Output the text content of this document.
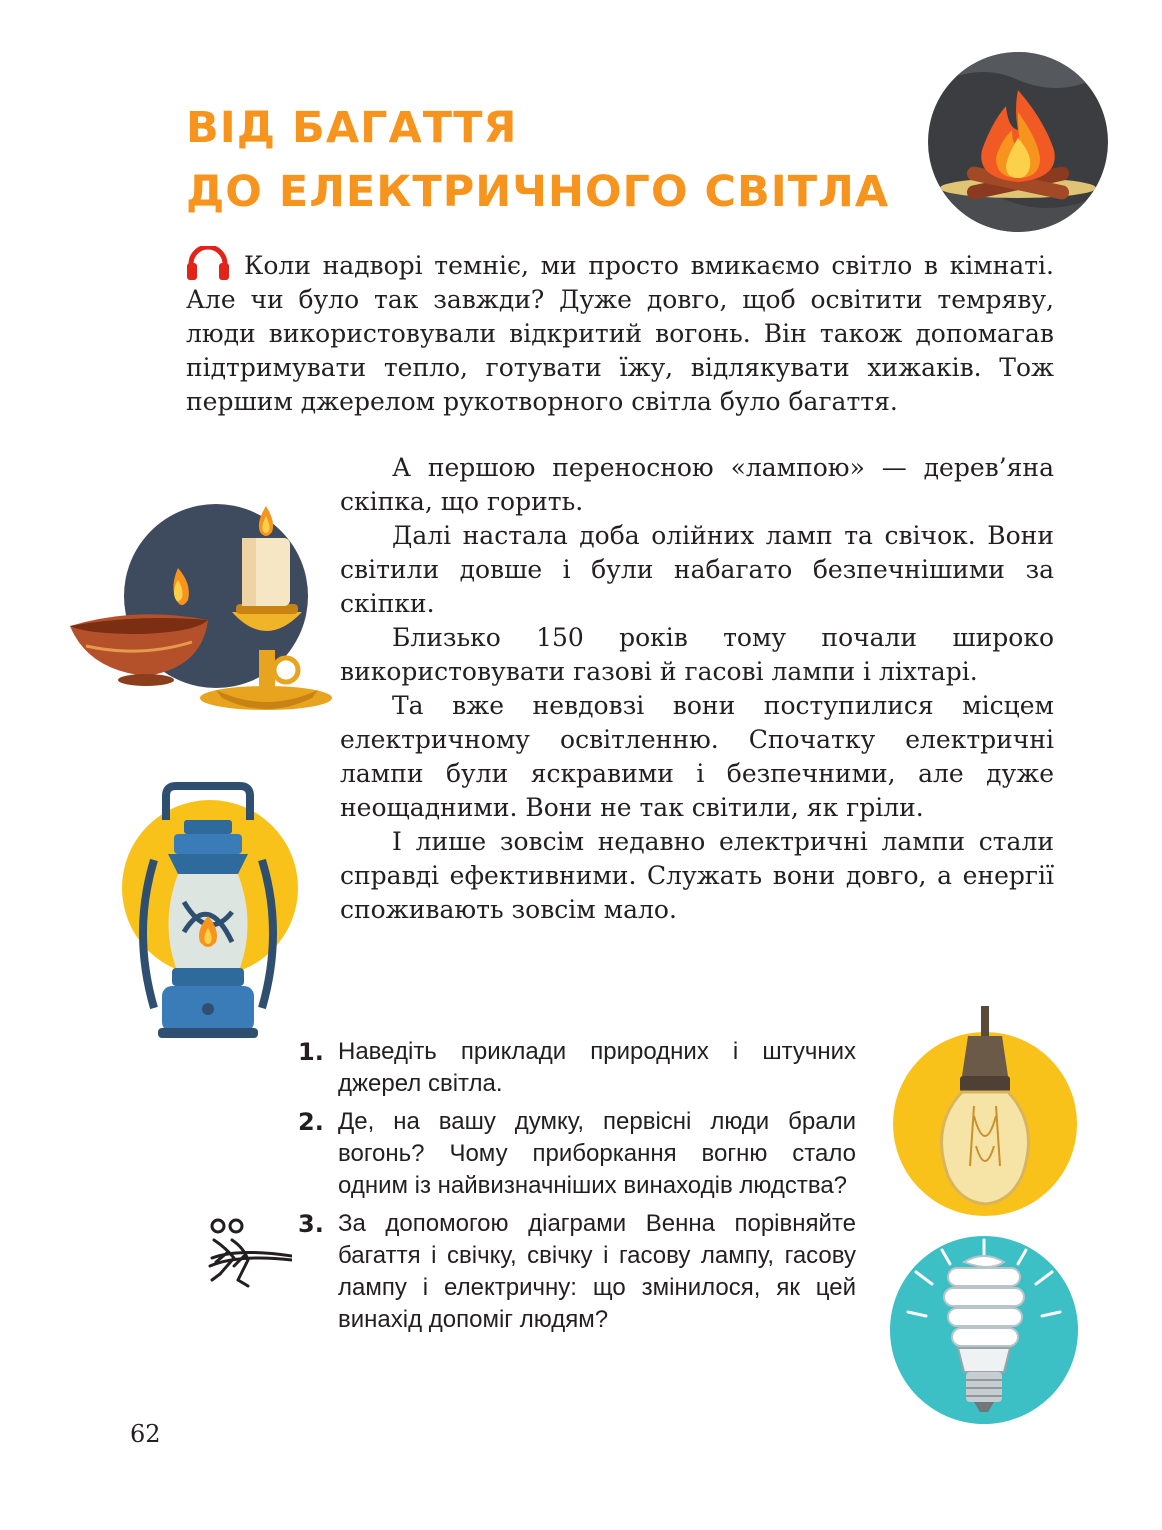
ВІД БАГАТТЯ
ДО ЕЛЕКТРИЧНОГО СВІТЛА

Коли надворі темніє, ми просто вмикаємо світло в кімнаті. Але чи було так завжди? Дуже довго, щоб освітити темряву, люди використовували відкритий вогонь. Він також допомагав підтримувати тепло, готувати їжу, відлякувати хижаків. Тож першим джерелом рукотворного світла було багаття.

А першою переносною «лампою» — дерев’яна скіпка, що горить.

Далі настала доба олійних ламп та свічок. Вони світили довше і були набагато безпечнішими за скіпки.

Близько 150 років тому почали широко використовувати газові й гасові лампи і ліхтарі.

Та вже невдовзі вони поступилися місцем електричному освітленню. Спочатку електричні лампи були яскравими і безпечними, але дуже неощадними. Вони не так світили, як гріли.

І лише зовсім недавно електричні лампи стали справді ефективними. Служать вони довго, а енергії споживають зовсім мало.

1. Наведіть приклади природних і штучних джерел світла.
2. Де, на вашу думку, первісні люди брали вогонь? Чому приборкання вогню стало одним із найвизначніших винаходів людства?
3. За допомогою діаграми Венна порівняйте багаття і свічку, свічку і гасову лампу, гасову лампу і електричну: що змінилося, як цей винахід допоміг людям?
62
